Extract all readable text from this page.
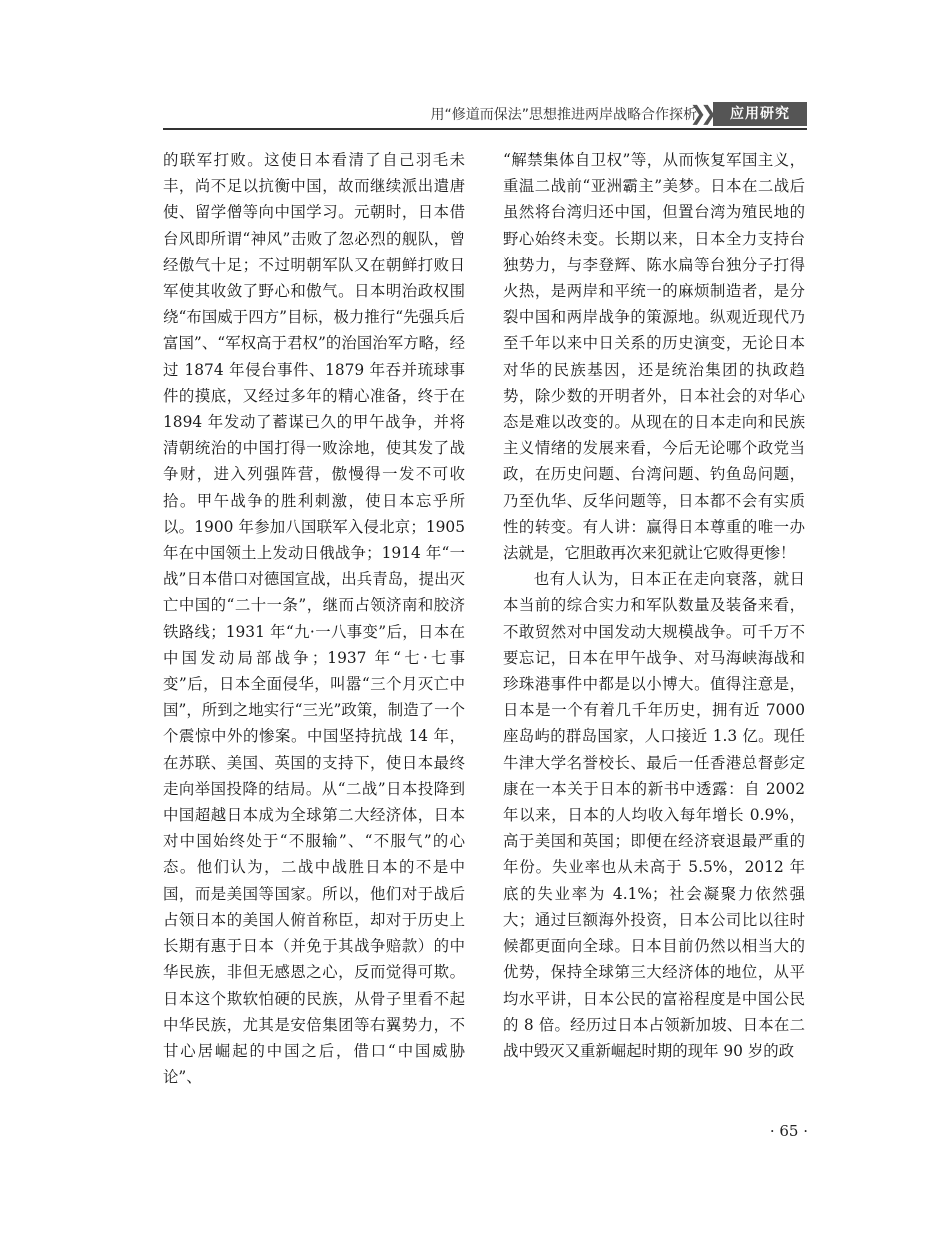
用“修道而保法”思想推进两岸战略合作探析
❯❯	应用研究

的联军打败。这使日本看清了自己羽毛未丰，尚不足以抗衡中国，故而继续派出遣唐使、留学僧等向中国学习。元朝时，日本借台风即所谓“神风”击败了忽必烈的舰队，曾经傲气十足；不过明朝军队又在朝鲜打败日军使其收敛了野心和傲气。日本明治政权围绕“布国威于四方”目标，极力推行“先强兵后富国”、“军权高于君权”的治国治军方略，经过 1874 年侵台事件、1879 年吞并琉球事件的摸底，又经过多年的精心准备，终于在 1894 年发动了蓄谋已久的甲午战争，并将清朝统治的中国打得一败涂地，使其发了战争财，进入列强阵营，傲慢得一发不可收拾。甲午战争的胜利刺激，使日本忘乎所以。1900 年参加八国联军入侵北京；1905 年在中国领土上发动日俄战争；1914 年“一战”日本借口对德国宣战，出兵青岛，提出灭亡中国的“二十一条”，继而占领济南和胶济铁路线；1931 年“九·一八事变”后，日本在中国发动局部战争；1937 年“七·七事变”后，日本全面侵华，叫嚣“三个月灭亡中国”，所到之地实行“三光”政策，制造了一个个震惊中外的惨案。中国坚持抗战 14 年，在苏联、美国、英国的支持下，使日本最终走向举国投降的结局。从“二战”日本投降到中国超越日本成为全球第二大经济体，日本对中国始终处于“不服输”、“不服气”的心态。他们认为，二战中战胜日本的不是中国，而是美国等国家。所以，他们对于战后占领日本的美国人俯首称臣，却对于历史上长期有惠于日本（并免于其战争赔款）的中华民族，非但无感恩之心，反而觉得可欺。日本这个欺软怕硬的民族，从骨子里看不起中华民族，尤其是安倍集团等右翼势力，不甘心居崛起的中国之后，借口“中国威胁论”、

“解禁集体自卫权”等，从而恢复军国主义，重温二战前“亚洲霸主”美梦。日本在二战后虽然将台湾归还中国，但置台湾为殖民地的野心始终未变。长期以来，日本全力支持台独势力，与李登辉、陈水扁等台独分子打得火热，是两岸和平统一的麻烦制造者，是分裂中国和两岸战争的策源地。纵观近现代乃至千年以来中日关系的历史演变，无论日本对华的民族基因，还是统治集团的执政趋势，除少数的开明者外，日本社会的对华心态是难以改变的。从现在的日本走向和民族主义情绪的发展来看，今后无论哪个政党当政，在历史问题、台湾问题、钓鱼岛问题，乃至仇华、反华问题等，日本都不会有实质性的转变。有人讲：赢得日本尊重的唯一办法就是，它胆敢再次来犯就让它败得更惨！

也有人认为，日本正在走向衰落，就日本当前的综合实力和军队数量及装备来看，不敢贸然对中国发动大规模战争。可千万不要忘记，日本在甲午战争、对马海峡海战和珍珠港事件中都是以小博大。值得注意是，日本是一个有着几千年历史，拥有近 7000 座岛屿的群岛国家，人口接近 1.3 亿。现任牛津大学名誉校长、最后一任香港总督彭定康在一本关于日本的新书中透露：自 2002 年以来，日本的人均收入每年增长 0.9%，高于美国和英国；即便在经济衰退最严重的年份。失业率也从未高于 5.5%，2012 年底的失业率为 4.1%；社会凝聚力依然强大；通过巨额海外投资，日本公司比以往时候都更面向全球。日本目前仍然以相当大的优势，保持全球第三大经济体的地位，从平均水平讲，日本公民的富裕程度是中国公民的 8 倍。经历过日本占领新加坡、日本在二战中毁灭又重新崛起时期的现年 90 岁的政

· 65 ·
